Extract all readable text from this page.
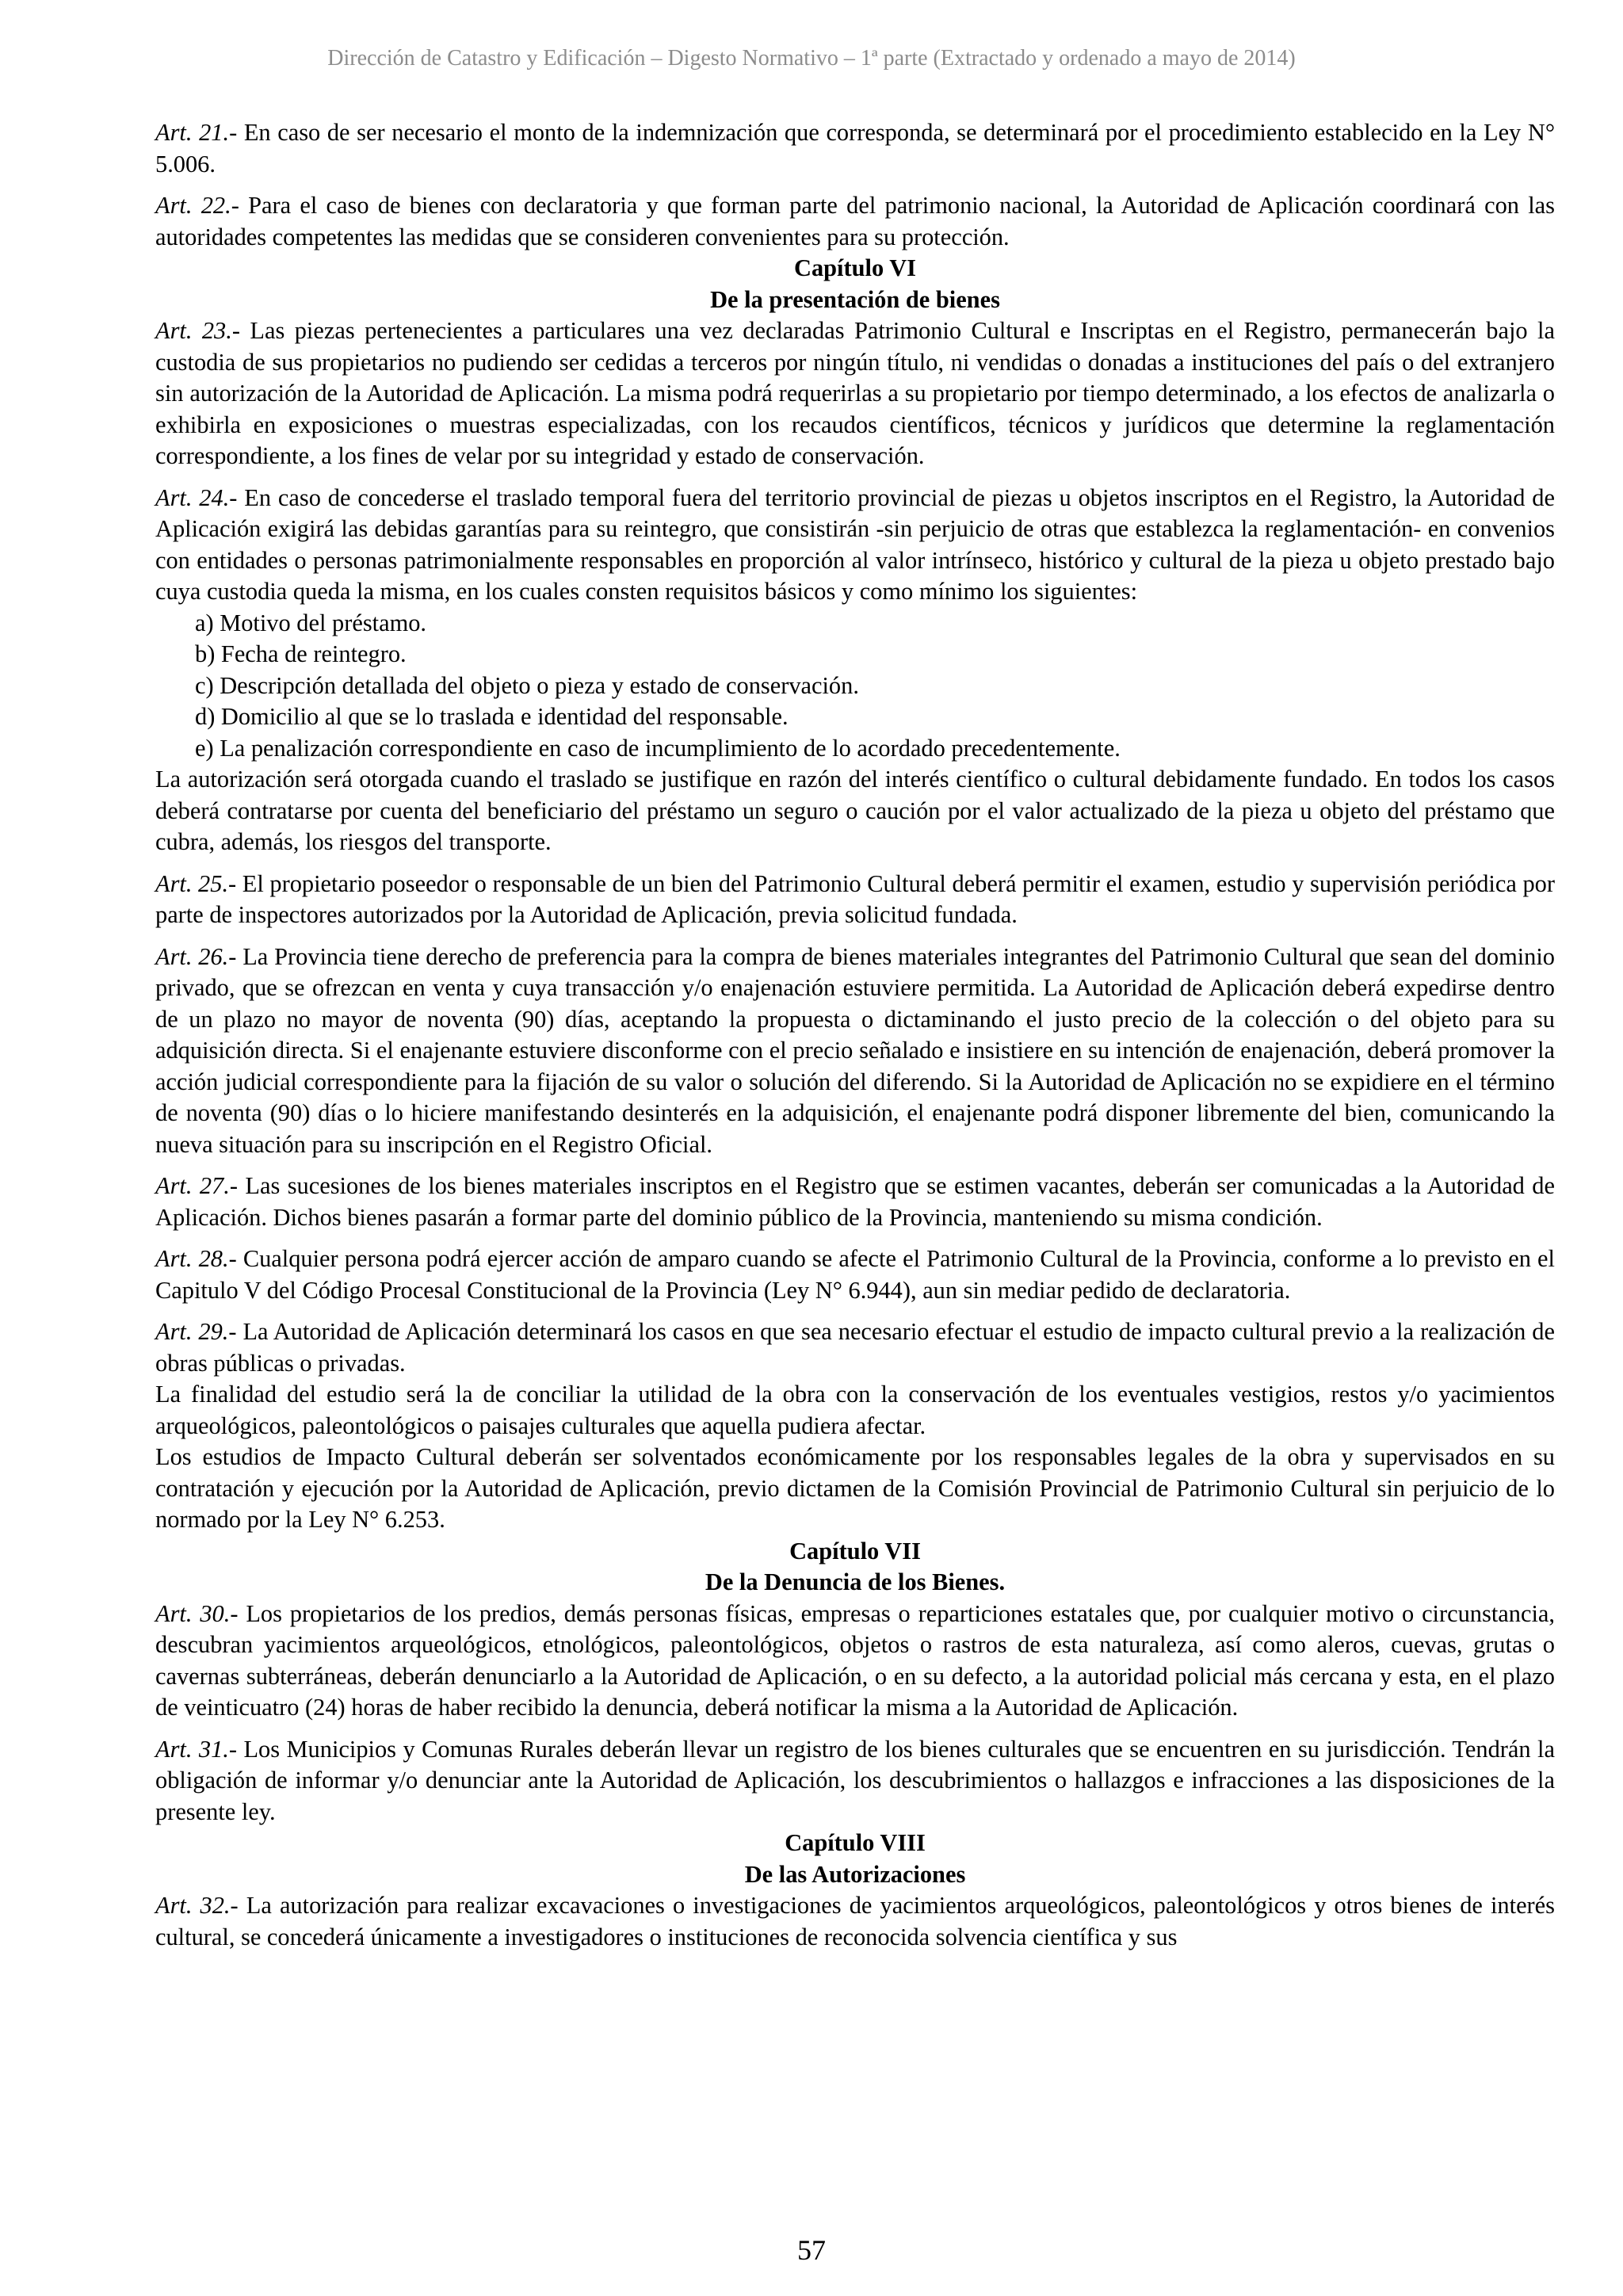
Dirección de Catastro y Edificación – Digesto Normativo – 1ª parte (Extractado y ordenado a mayo de 2014)

Art. 21.- En caso de ser necesario el monto de la indemnización que corresponda, se determinará por el procedimiento establecido en la Ley N° 5.006.

Art. 22.- Para el caso de bienes con declaratoria y que forman parte del patrimonio nacional, la Autoridad de Aplicación coordinará con las autoridades competentes las medidas que se consideren convenientes para su protección.

Capítulo VI
De la presentación de bienes

Art. 23.- Las piezas pertenecientes a particulares una vez declaradas Patrimonio Cultural e Inscriptas en el Registro, permanecerán bajo la custodia de sus propietarios no pudiendo ser cedidas a terceros por ningún título, ni vendidas o donadas a instituciones del país o del extranjero sin autorización de la Autoridad de Aplicación. La misma podrá requerirlas a su propietario por tiempo determinado, a los efectos de analizarla o exhibirla en exposiciones o muestras especializadas, con los recaudos científicos, técnicos y jurídicos que determine la reglamentación correspondiente, a los fines de velar por su integridad y estado de conservación.

Art. 24.- En caso de concederse el traslado temporal fuera del territorio provincial de piezas u objetos inscriptos en el Registro, la Autoridad de Aplicación exigirá las debidas garantías para su reintegro, que consistirán -sin perjuicio de otras que establezca la reglamentación- en convenios con entidades o personas patrimonialmente responsables en proporción al valor intrínseco, histórico y cultural de la pieza u objeto prestado bajo cuya custodia queda la misma, en los cuales consten requisitos básicos y como mínimo los siguientes:

a) Motivo del préstamo.
b) Fecha de reintegro.
c) Descripción detallada del objeto o pieza y estado de conservación.
d) Domicilio al que se lo traslada e identidad del responsable.
e) La penalización correspondiente en caso de incumplimiento de lo acordado precedentemente.

La autorización será otorgada cuando el traslado se justifique en razón del interés científico o cultural debidamente fundado. En todos los casos deberá contratarse por cuenta del beneficiario del préstamo un seguro o caución por el valor actualizado de la pieza u objeto del préstamo que cubra, además, los riesgos del transporte.

Art. 25.- El propietario poseedor o responsable de un bien del Patrimonio Cultural deberá permitir el examen, estudio y supervisión periódica por parte de inspectores autorizados por la Autoridad de Aplicación, previa solicitud fundada.

Art. 26.- La Provincia tiene derecho de preferencia para la compra de bienes materiales integrantes del Patrimonio Cultural que sean del dominio privado, que se ofrezcan en venta y cuya transacción y/o enajenación estuviere permitida. La Autoridad de Aplicación deberá expedirse dentro de un plazo no mayor de noventa (90) días, aceptando la propuesta o dictaminando el justo precio de la colección o del objeto para su adquisición directa. Si el enajenante estuviere disconforme con el precio señalado e insistiere en su intención de enajenación, deberá promover la acción judicial correspondiente para la fijación de su valor o solución del diferendo. Si la Autoridad de Aplicación no se expidiere en el término de noventa (90) días o lo hiciere manifestando desinterés en la adquisición, el enajenante podrá disponer libremente del bien, comunicando la nueva situación para su inscripción en el Registro Oficial.

Art. 27.- Las sucesiones de los bienes materiales inscriptos en el Registro que se estimen vacantes, deberán ser comunicadas a la Autoridad de Aplicación. Dichos bienes pasarán a formar parte del dominio público de la Provincia, manteniendo su misma condición.

Art. 28.- Cualquier persona podrá ejercer acción de amparo cuando se afecte el Patrimonio Cultural de la Provincia, conforme a lo previsto en el Capitulo V del Código Procesal Constitucional de la Provincia (Ley N° 6.944), aun sin mediar pedido de declaratoria.

Art. 29.- La Autoridad de Aplicación determinará los casos en que sea necesario efectuar el estudio de impacto cultural previo a la realización de obras públicas o privadas.

La finalidad del estudio será la de conciliar la utilidad de la obra con la conservación de los eventuales vestigios, restos y/o yacimientos arqueológicos, paleontológicos o paisajes culturales que aquella pudiera afectar.

Los estudios de Impacto Cultural deberán ser solventados económicamente por los responsables legales de la obra y supervisados en su contratación y ejecución por la Autoridad de Aplicación, previo dictamen de la Comisión Provincial de Patrimonio Cultural sin perjuicio de lo normado por la Ley N° 6.253.

Capítulo VII
De la Denuncia de los Bienes.

Art. 30.- Los propietarios de los predios, demás personas físicas, empresas o reparticiones estatales que, por cualquier motivo o circunstancia, descubran yacimientos arqueológicos, etnológicos, paleontológicos, objetos o rastros de esta naturaleza, así como aleros, cuevas, grutas o cavernas subterráneas, deberán denunciarlo a la Autoridad de Aplicación, o en su defecto, a la autoridad policial más cercana y esta, en el plazo de veinticuatro (24) horas de haber recibido la denuncia, deberá notificar la misma a la Autoridad de Aplicación.

Art. 31.- Los Municipios y Comunas Rurales deberán llevar un registro de los bienes culturales que se encuentren en su jurisdicción. Tendrán la obligación de informar y/o denunciar ante la Autoridad de Aplicación, los descubrimientos o hallazgos e infracciones a las disposiciones de la presente ley.

Capítulo VIII
De las Autorizaciones

Art. 32.- La autorización para realizar excavaciones o investigaciones de yacimientos arqueológicos, paleontológicos y otros bienes de interés cultural, se concederá únicamente a investigadores o instituciones de reconocida solvencia científica y sus

57
